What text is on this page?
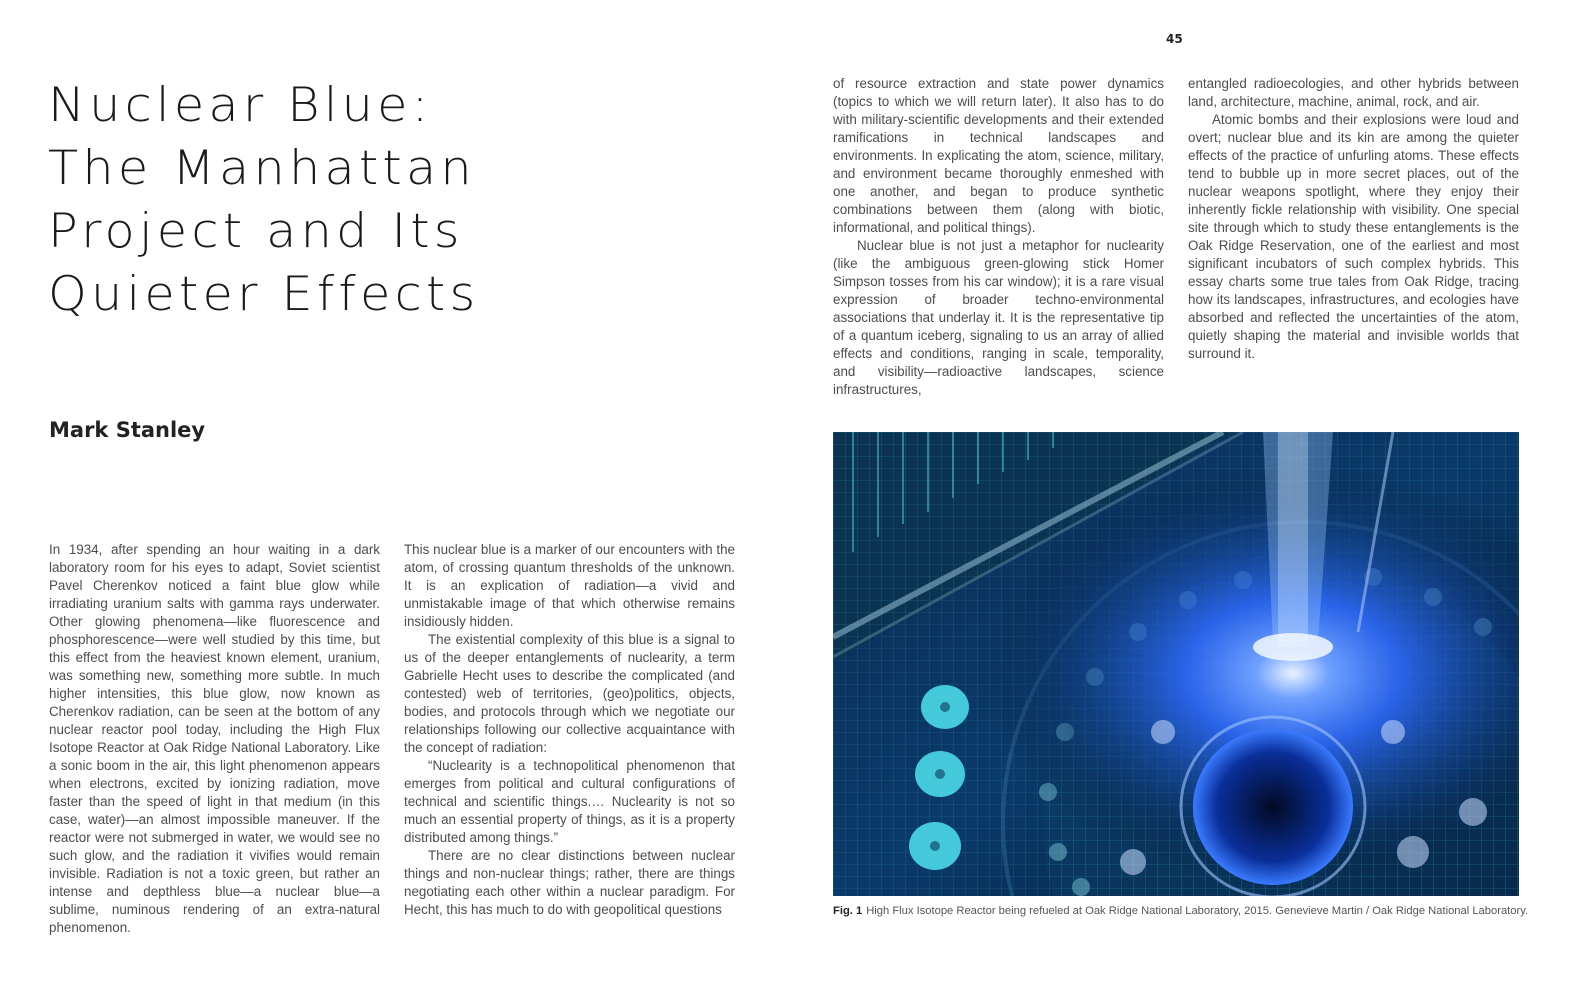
45
Nuclear Blue:
The Manhattan
Project and Its
Quieter Effects
Mark Stanley

In 1934, after spending an hour waiting in a dark laboratory room for his eyes to adapt, Soviet scientist Pavel Cherenkov noticed a faint blue glow while irradiating uranium salts with gamma rays underwater. Other glowing phenomena—like fluorescence and phosphorescence—were well studied by this time, but this effect from the heaviest known element, uranium, was something new, something more subtle. In much higher intensities, this blue glow, now known as Cherenkov radiation, can be seen at the bottom of any nuclear reactor pool today, including the High Flux Isotope Reactor at Oak Ridge National Laboratory. Like a sonic boom in the air, this light phenomenon appears when electrons, excited by ionizing radiation, move faster than the speed of light in that medium (in this case, water)—an almost impossible maneuver. If the reactor were not submerged in water, we would see no such glow, and the radiation it vivifies would remain invisible. Radiation is not a toxic green, but rather an intense and depthless blue—a nuclear blue—a sublime, numinous rendering of an extra-natural phenomenon.

This nuclear blue is a marker of our encounters with the atom, of crossing quantum thresholds of the unknown. It is an explication of radiation—a vivid and unmistakable image of that which otherwise remains insidiously hidden.

The existential complexity of this blue is a signal to us of the deeper entanglements of nuclearity, a term Gabrielle Hecht uses to describe the complicated (and contested) web of territories, (geo)politics, objects, bodies, and protocols through which we negotiate our relationships following our collective acquaintance with the concept of radiation:

“Nuclearity is a technopolitical phenomenon that emerges from political and cultural configurations of technical and scientific things.… Nuclearity is not so much an essential property of things, as it is a property distributed among things.”

There are no clear distinctions between nuclear things and non-nuclear things; rather, there are things negotiating each other within a nuclear paradigm. For Hecht, this has much to do with geopolitical questions

of resource extraction and state power dynamics (topics to which we will return later). It also has to do with military-scientific developments and their extended ramifications in technical landscapes and environments. In explicating the atom, science, military, and environment became thoroughly enmeshed with one another, and began to produce synthetic combinations between them (along with biotic, informational, and political things).

Nuclear blue is not just a metaphor for nuclearity (like the ambiguous green-glowing stick Homer Simpson tosses from his car window); it is a rare visual expression of broader techno-environmental associations that underlay it. It is the representative tip of a quantum iceberg, signaling to us an array of allied effects and conditions, ranging in scale, temporality, and visibility—radioactive landscapes, science infrastructures,

entangled radioecologies, and other hybrids between land, architecture, machine, animal, rock, and air.

Atomic bombs and their explosions were loud and overt; nuclear blue and its kin are among the quieter effects of the practice of unfurling atoms. These effects tend to bubble up in more secret places, out of the nuclear weapons spotlight, where they enjoy their inherently fickle relationship with visibility. One special site through which to study these entanglements is the Oak Ridge Reservation, one of the earliest and most significant incubators of such complex hybrids. This essay charts some true tales from Oak Ridge, tracing how its landscapes, infrastructures, and ecologies have absorbed and reflected the uncertainties of the atom, quietly shaping the material and invisible worlds that surround it.

Fig. 1 High Flux Isotope Reactor being refueled at Oak Ridge National Laboratory, 2015. Genevieve Martin / Oak Ridge National Laboratory.
